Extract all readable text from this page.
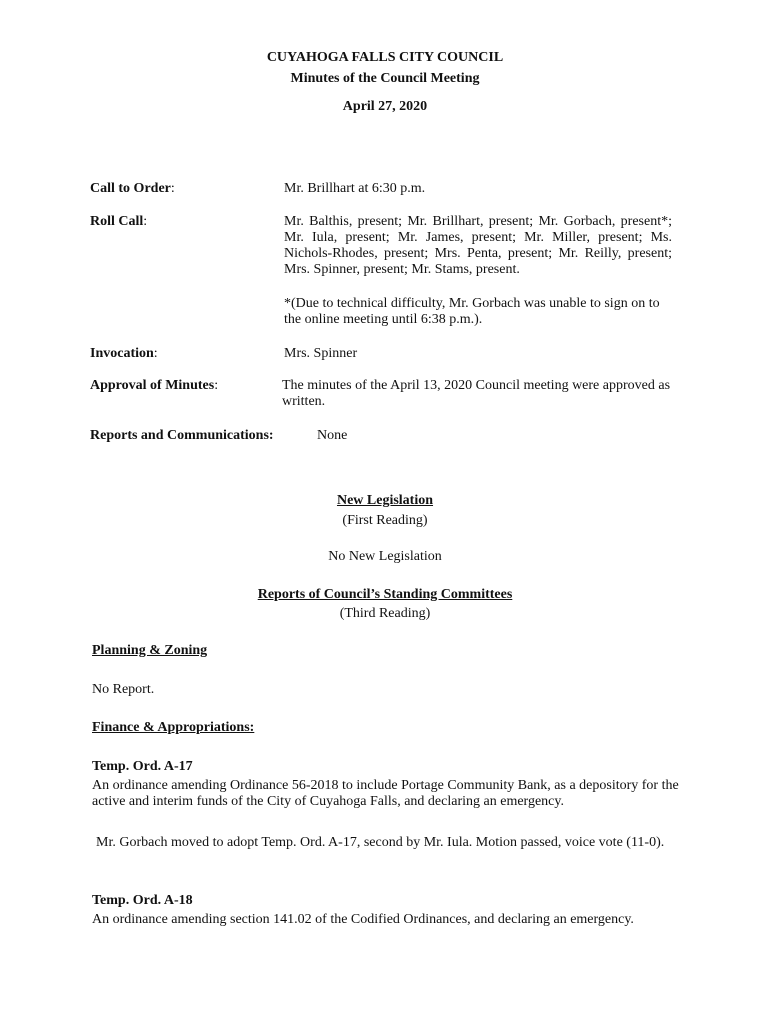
CUYAHOGA FALLS CITY COUNCIL
Minutes of the Council Meeting
April 27, 2020
Call to Order:	Mr. Brillhart at 6:30 p.m.
Roll Call:	Mr. Balthis, present; Mr. Brillhart, present; Mr. Gorbach, present*; Mr. Iula, present; Mr. James, present; Mr. Miller, present; Ms. Nichols-Rhodes, present; Mrs. Penta, present; Mr. Reilly, present; Mrs. Spinner, present; Mr. Stams, present.
*(Due to technical difficulty, Mr. Gorbach was unable to sign on to the online meeting until 6:38 p.m.).
Invocation:	Mrs. Spinner
Approval of Minutes:	The minutes of the April 13, 2020 Council meeting were approved as written.
Reports and Communications:	None
New Legislation
(First Reading)
No New Legislation
Reports of Council’s Standing Committees
(Third Reading)
Planning & Zoning
No Report.
Finance & Appropriations:
Temp. Ord. A-17
An ordinance amending Ordinance 56-2018 to include Portage Community Bank, as a depository for the active and interim funds of the City of Cuyahoga Falls, and declaring an emergency.
Mr. Gorbach moved to adopt Temp. Ord. A-17, second by Mr. Iula. Motion passed, voice vote (11-0).
Temp. Ord. A-18
An ordinance amending section 141.02 of the Codified Ordinances, and declaring an emergency.
